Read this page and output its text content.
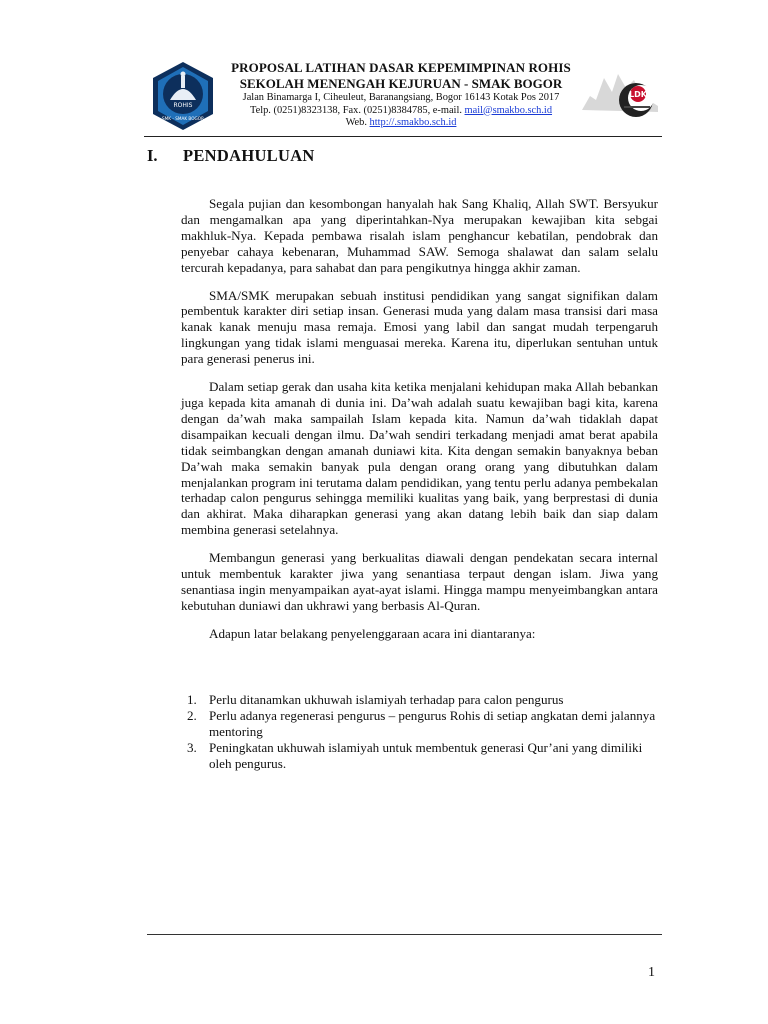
ROHIS
SMK - SMAK BOGOR
PROPOSAL LATIHAN DASAR KEPEMIMPINAN ROHIS
SEKOLAH MENENGAH KEJURUAN - SMAK BOGOR
Jalan Binamarga I, Ciheuleut, Baranangsiang, Bogor 16143 Kotak Pos 2017
Telp. (0251)8323138, Fax. (0251)8384785, e-mail. mail@smakbo.sch.id
Web. http://.smakbo.sch.id
LDK
I. PENDAHULUAN

Segala pujian dan kesombongan hanyalah hak Sang Khaliq, Allah SWT. Bersyukur dan mengamalkan apa yang diperintahkan-Nya merupakan kewajiban kita sebgai makhluk-Nya. Kepada pembawa risalah islam penghancur kebatilan, pendobrak dan penyebar cahaya kebenaran, Muhammad SAW. Semoga shalawat dan salam selalu tercurah kepadanya, para sahabat dan para pengikutnya hingga akhir zaman.

SMA/SMK merupakan sebuah institusi pendidikan yang sangat signifikan dalam pembentuk karakter diri setiap insan. Generasi muda yang dalam masa transisi dari masa kanak kanak menuju masa remaja. Emosi yang labil dan sangat mudah terpengaruh lingkungan yang tidak islami menguasai mereka. Karena itu, diperlukan sentuhan untuk para generasi penerus ini.

Dalam setiap gerak dan usaha kita ketika menjalani kehidupan maka Allah bebankan juga kepada kita amanah di dunia ini. Da’wah adalah suatu kewajiban bagi kita, karena dengan da’wah maka sampailah Islam kepada kita. Namun da’wah tidaklah dapat disampaikan kecuali dengan ilmu. Da’wah sendiri terkadang menjadi amat berat apabila tidak seimbangkan dengan amanah duniawi kita. Kita dengan semakin banyaknya beban Da’wah maka semakin banyak pula dengan orang orang yang dibutuhkan dalam menjalankan program ini terutama dalam pendidikan, yang tentu perlu adanya pembekalan terhadap calon pengurus sehingga memiliki kualitas yang baik, yang berprestasi di dunia dan akhirat. Maka diharapkan generasi yang akan datang lebih baik dan siap dalam membina generasi setelahnya.

Membangun generasi yang berkualitas diawali dengan pendekatan secara internal untuk membentuk karakter jiwa yang senantiasa terpaut dengan islam. Jiwa yang senantiasa ingin menyampaikan ayat-ayat islami. Hingga mampu menyeimbangkan antara kebutuhan duniawi dan ukhrawi yang berbasis Al-Quran.

Adapun latar belakang penyelenggaraan acara ini diantaranya:

1. Perlu ditanamkan ukhuwah islamiyah terhadap para calon pengurus
2. Perlu adanya regenerasi pengurus – pengurus Rohis di setiap angkatan demi jalannya mentoring
3. Peningkatan ukhuwah islamiyah untuk membentuk generasi Qur’ani yang dimiliki oleh pengurus.
1
